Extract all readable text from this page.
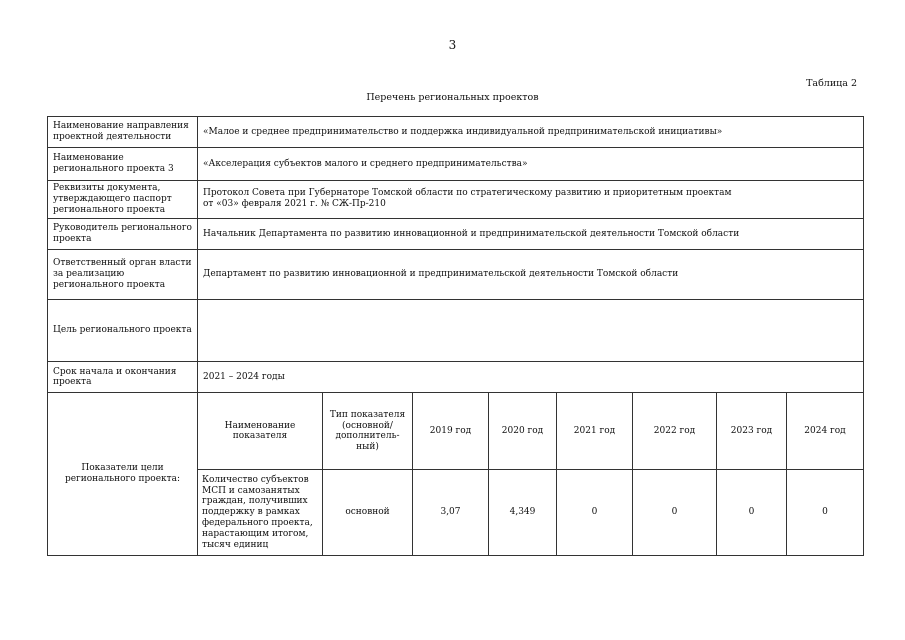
3
Таблица 2
Перечень региональных проектов
Наименование направления проектной деятельности	«Малое и среднее предпринимательство и поддержка индивидуальной предпринимательской инициативы»							
Наименование регионального проекта 3	«Акселерация субъектов малого и среднего предпринимательства»							
Реквизиты документа, утверждающего паспорт регионального проекта	Протокол Совета при Губернаторе Томской области по стратегическому развитию и приоритетным проектам
от «03» февраля 2021 г. № СЖ-Пр-210							

Руководитель регионального проекта	Начальник Департамента по развитию инновационной и предпринимательской деятельности Томской области							
Ответственный орган власти за реализацию регионального проекта	Департамент по развитию инновационной и предпринимательской деятельности Томской области							
Цель регионального проекта								
Срок начала и окончания проекта	2021 – 2024 годы							
Показатели цели регионального проекта:	Наименование показателя	Тип показателя (основной/ дополнитель-ный)	2019 год	2020 год	2021 год	2022 год	2023 год	2024 год
	Количество субъектов МСП и самозанятых граждан, получивших поддержку в рамках федерального проекта, нарастающим итогом, тысяч единиц	основной	3,07	4,349	0	0	0	0
